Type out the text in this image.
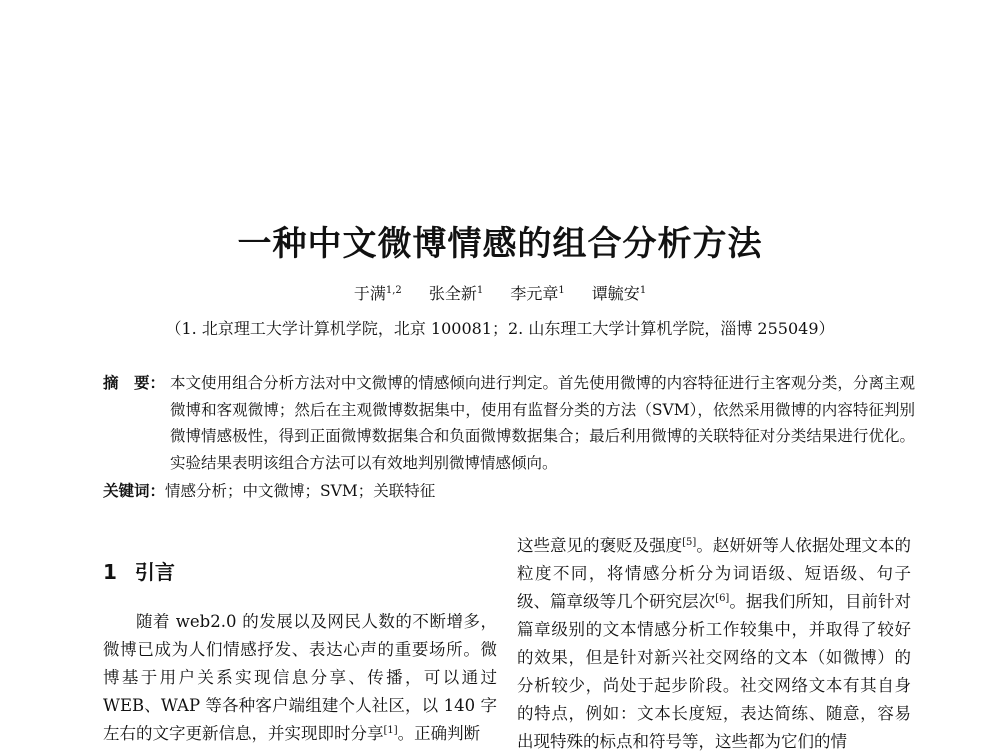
一种中文微博情感的组合分析方法
于满$^{1,2}$ 张全新$^1$ 李元章$^1$ 谭毓安$^1$
（1. 北京理工大学计算机学院，北京 100081；2. 山东理工大学计算机学院，淄博 255049）
摘　要： 本文使用组合分析方法对中文微博的情感倾向进行判定。首先使用微博的内容特征进行主客观分类，分离主观微博和客观微博；然后在主观微博数据集中，使用有监督分类的方法（SVM），依然采用微博的内容特征判别微博情感极性，得到正面微博数据集合和负面微博数据集合；最后利用微博的关联特征对分类结果进行优化。实验结果表明该组合方法可以有效地判别微博情感倾向。
关键词：情感分析；中文微博；SVM；关联特征
1 引言

随着 web2.0 的发展以及网民人数的不断增多，微博已成为人们情感抒发、表达心声的重要场所。微博基于用户关系实现信息分享、传播，可以通过WEB、WAP 等各种客户端组建个人社区，以 140 字左右的文字更新信息，并实现即时分享[1]。正确判断

这些意见的褒贬及强度[5]。赵妍妍等人依据处理文本的粒度不同，将情感分析分为词语级、短语级、句子级、篇章级等几个研究层次[6]。据我们所知，目前针对篇章级别的文本情感分析工作较集中，并取得了较好的效果，但是针对新兴社交网络的文本（如微博）的分析较少，尚处于起步阶段。社交网络文本有其自身的特点，例如：文本长度短，表达简练、随意，容易出现特殊的标点和符号等，这些都为它们的情
